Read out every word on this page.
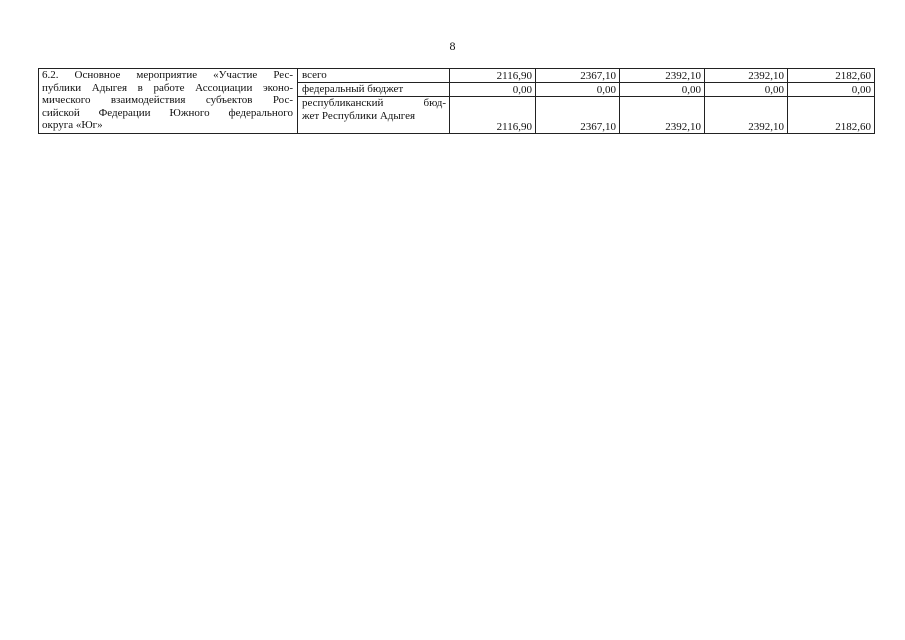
8
6.2. Основное мероприятие «Участие Рес-
публики Адыгея в работе Ассоциации эконо-
мического взаимодействия субъектов Рос-
сийской Федерации Южного федерального
округа «Юг»	всего	2116,90	2367,10	2392,10	2392,10	2182,60
	федеральный бюджет	0,00	0,00	0,00	0,00	0,00

	республиканский бюд-
жет Республики Адыгея	2116,90	2367,10	2392,10	2392,10	2182,60
